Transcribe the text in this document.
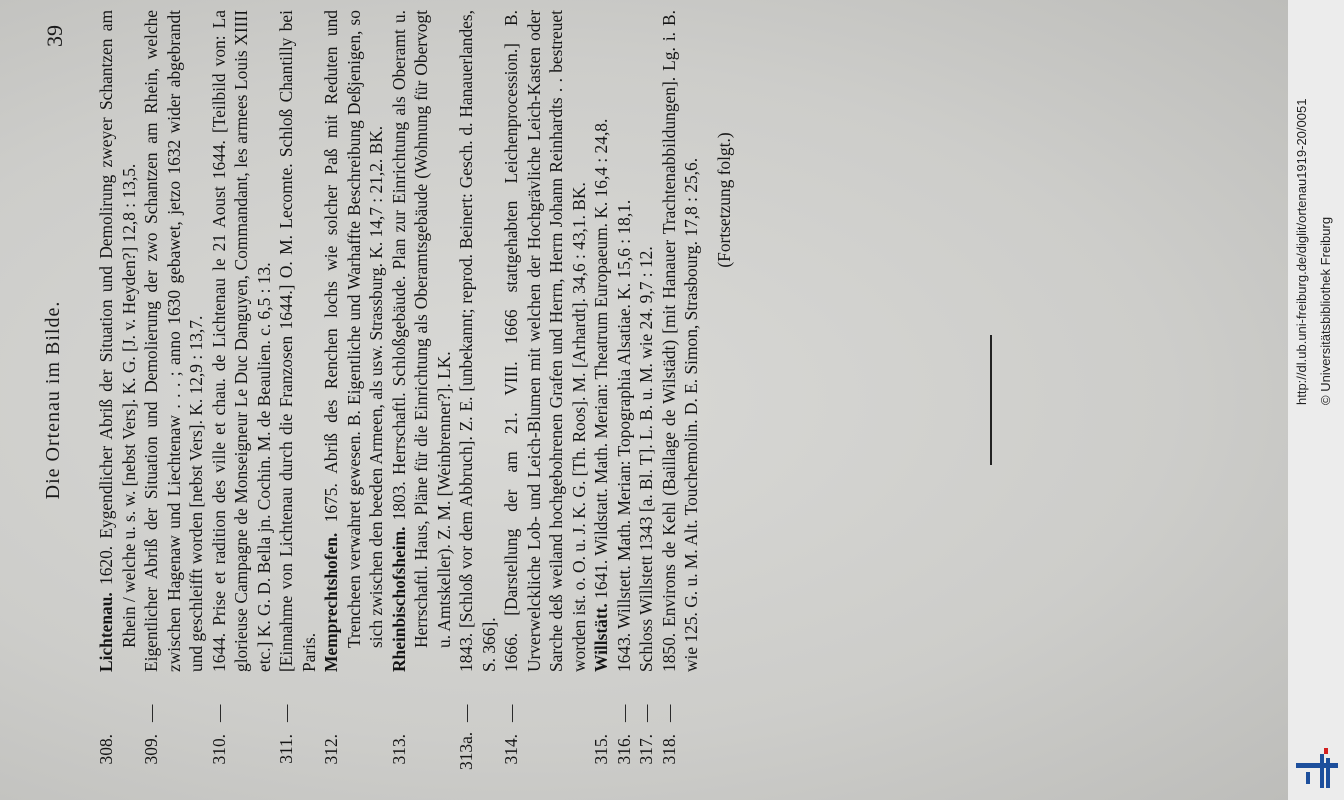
Die Ortenau im Bilde.
39
308.
Lichtenau. 1620. Eygendlicher Abriß der Situation und Demolirung zweyer Schantzen am Rhein / welche u. s. w. [nebst Vers]. K. G. [J. v. Heyden?] 12,8 : 13,5.
309.
—
Eigentlicher Abriß der Situation und Demolierung der zwo Schantzen am Rhein, welche zwischen Hagenaw und Liechtenaw . . . ; anno 1630 gebawet, jetzo 1632 wider abgebrandt und geschleifft worden [nebst Vers]. K. 12,9 : 13,7.
310.
—
1644. Prise et radition des ville et chau. de Lichtenau le 21 Aoust 1644. [Teilbild von: La glorieuse Campagne de Monseigneur Le Duc Danguyen, Commandant, les armees Louis XIIII etc.] K. G. D. Bella jn. Cochin. M. de Beaulien. c. 6,5 : 13.
311.
—
[Einnahme von Lichtenau durch die Franzosen 1644.] O. M. Lecomte. Schloß Chantilly bei Paris.
312.
Memprechtshofen. 1675. Abriß des Renchen lochs wie solcher Paß mit Reduten und Trencheen verwahret gewesen. B. Eigentliche und Warhaffte Beschreibung Deßjenigen, so sich zwischen den beeden Armeen, als usw. Strassburg. K. 14,7 : 21,2. BK.
313.
Rheinbischofsheim. 1803. Herrschaftl. Schloßgebäude. Plan zur Einrichtung als Oberamt u. Herrschaftl. Haus, Pläne für die Einrichtung als Oberamtsgebäude (Wohnung für Obervogt u. Amtskeller). Z. M. [Weinbrenner?]. LK.
313a.
—
1843. [Schloß vor dem Abbruch]. Z. E. [unbekannt; reprod. Beinert: Gesch. d. Hanauerlandes, S. 366].
314.
—
1666. [Darstellung der am 21. VIII. 1666 stattgehabten Leichenprocession.] B. Urverwelckliche Lob- und Leich-Blumen mit welchen der Hochgrävliche Leich-Kasten oder Sarche deß weiland hochgebohrenen Grafen und Herrn, Herrn Johann Reinhardts . . bestreuet worden ist. o. O. u. J. K. G. [Th. Roos]. M. [Arhardt]. 34,6 : 43,1. BK.
315.
Willstätt. 1641. Wildstatt. Math. Merian: Theatrum Europaeum. K. 16,4 : 24,8.
316.
—
1643. Willstett. Math. Merian: Topographia Alsatiae. K. 15,6 : 18,1.
317.
—
Schloss Willstett 1343 [a. Bl. T]. L. B. u. M. wie 24. 9,7 : 12.
318.
—
1850. Environs de Kehl (Baillage de Wilstädt) [mit Hanauer Trachtenabbildungen]. Lg. i. B. wie 125. G. u. M. Alt. Touchemolin. D. E. Simon, Strasbourg. 17,8 : 25,6. (Fortsetzung folgt.)	http://dl.ub.uni-freiburg.de/diglit/ortenau1919-20/0051 © Universitätsbibliothek Freiburg
